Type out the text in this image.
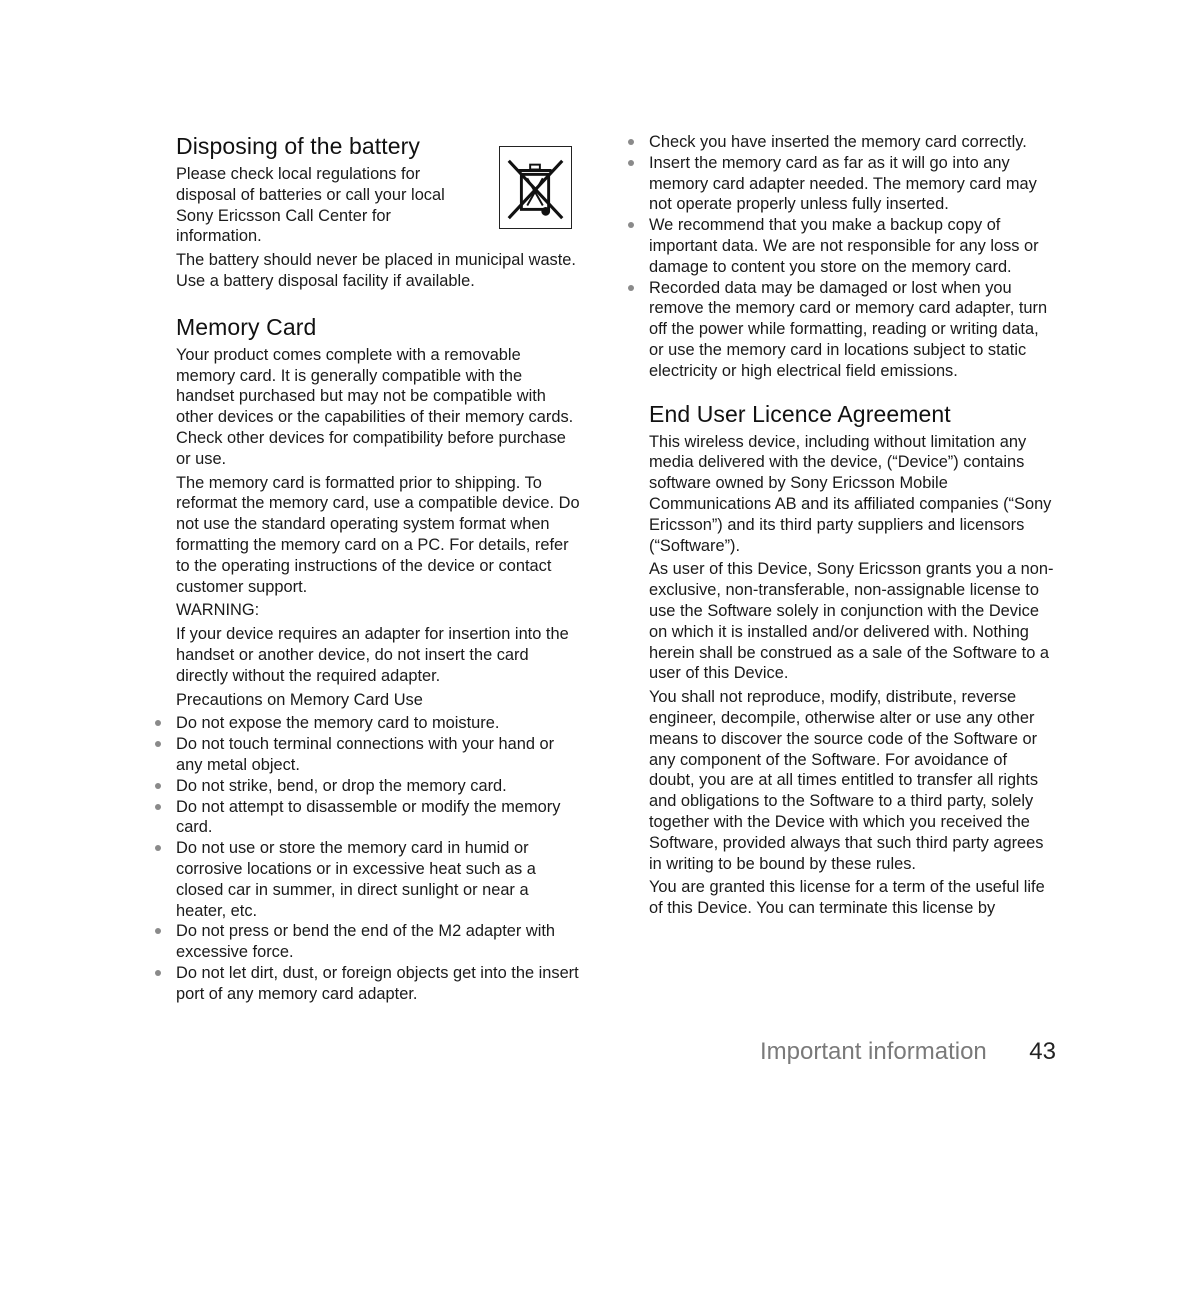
Disposing of the battery

Please check local regulations for disposal of batteries or call your local Sony Ericsson Call Center for information.

The battery should never be placed in municipal waste. Use a battery disposal facility if available.

Memory Card

Your product comes complete with a removable memory card. It is generally compatible with the handset purchased but may not be compatible with other devices or the capabilities of their memory cards. Check other devices for compatibility before purchase or use.

The memory card is formatted prior to shipping. To reformat the memory card, use a compatible device. Do not use the standard operating system format when formatting the memory card on a PC. For details, refer to the operating instructions of the device or contact customer support.

WARNING:

If your device requires an adapter for insertion into the handset or another device, do not insert the card directly without the required adapter.

Precautions on Memory Card Use
Do not expose the memory card to moisture.
Do not touch terminal connections with your hand or any metal object.
Do not strike, bend, or drop the memory card.
Do not attempt to disassemble or modify the memory card.
Do not use or store the memory card in humid or corrosive locations or in excessive heat such as a closed car in summer, in direct sunlight or near a heater, etc.
Do not press or bend the end of the M2 adapter with excessive force.
Do not let dirt, dust, or foreign objects get into the insert port of any memory card adapter.
Check you have inserted the memory card correctly.
Insert the memory card as far as it will go into any memory card adapter needed. The memory card may not operate properly unless fully inserted.
We recommend that you make a backup copy of important data. We are not responsible for any loss or damage to content you store on the memory card.
Recorded data may be damaged or lost when you remove the memory card or memory card adapter, turn off the power while formatting, reading or writing data, or use the memory card in locations subject to static electricity or high electrical field emissions.
End User Licence Agreement

This wireless device, including without limitation any media delivered with the device, (“Device”) contains software owned by Sony Ericsson Mobile Communications AB and its affiliated companies (“Sony Ericsson”) and its third party suppliers and licensors (“Software”).

As user of this Device, Sony Ericsson grants you a non-exclusive, non-transferable, non-assignable license to use the Software solely in conjunction with the Device on which it is installed and/or delivered with. Nothing herein shall be construed as a sale of the Software to a user of this Device.

You shall not reproduce, modify, distribute, reverse engineer, decompile, otherwise alter or use any other means to discover the source code of the Software or any component of the Software. For avoidance of doubt, you are at all times entitled to transfer all rights and obligations to the Software to a third party, solely together with the Device with which you received the Software, provided always that such third party agrees in writing to be bound by these rules.

You are granted this license for a term of the useful life of this Device. You can terminate this license by

Important information 43
